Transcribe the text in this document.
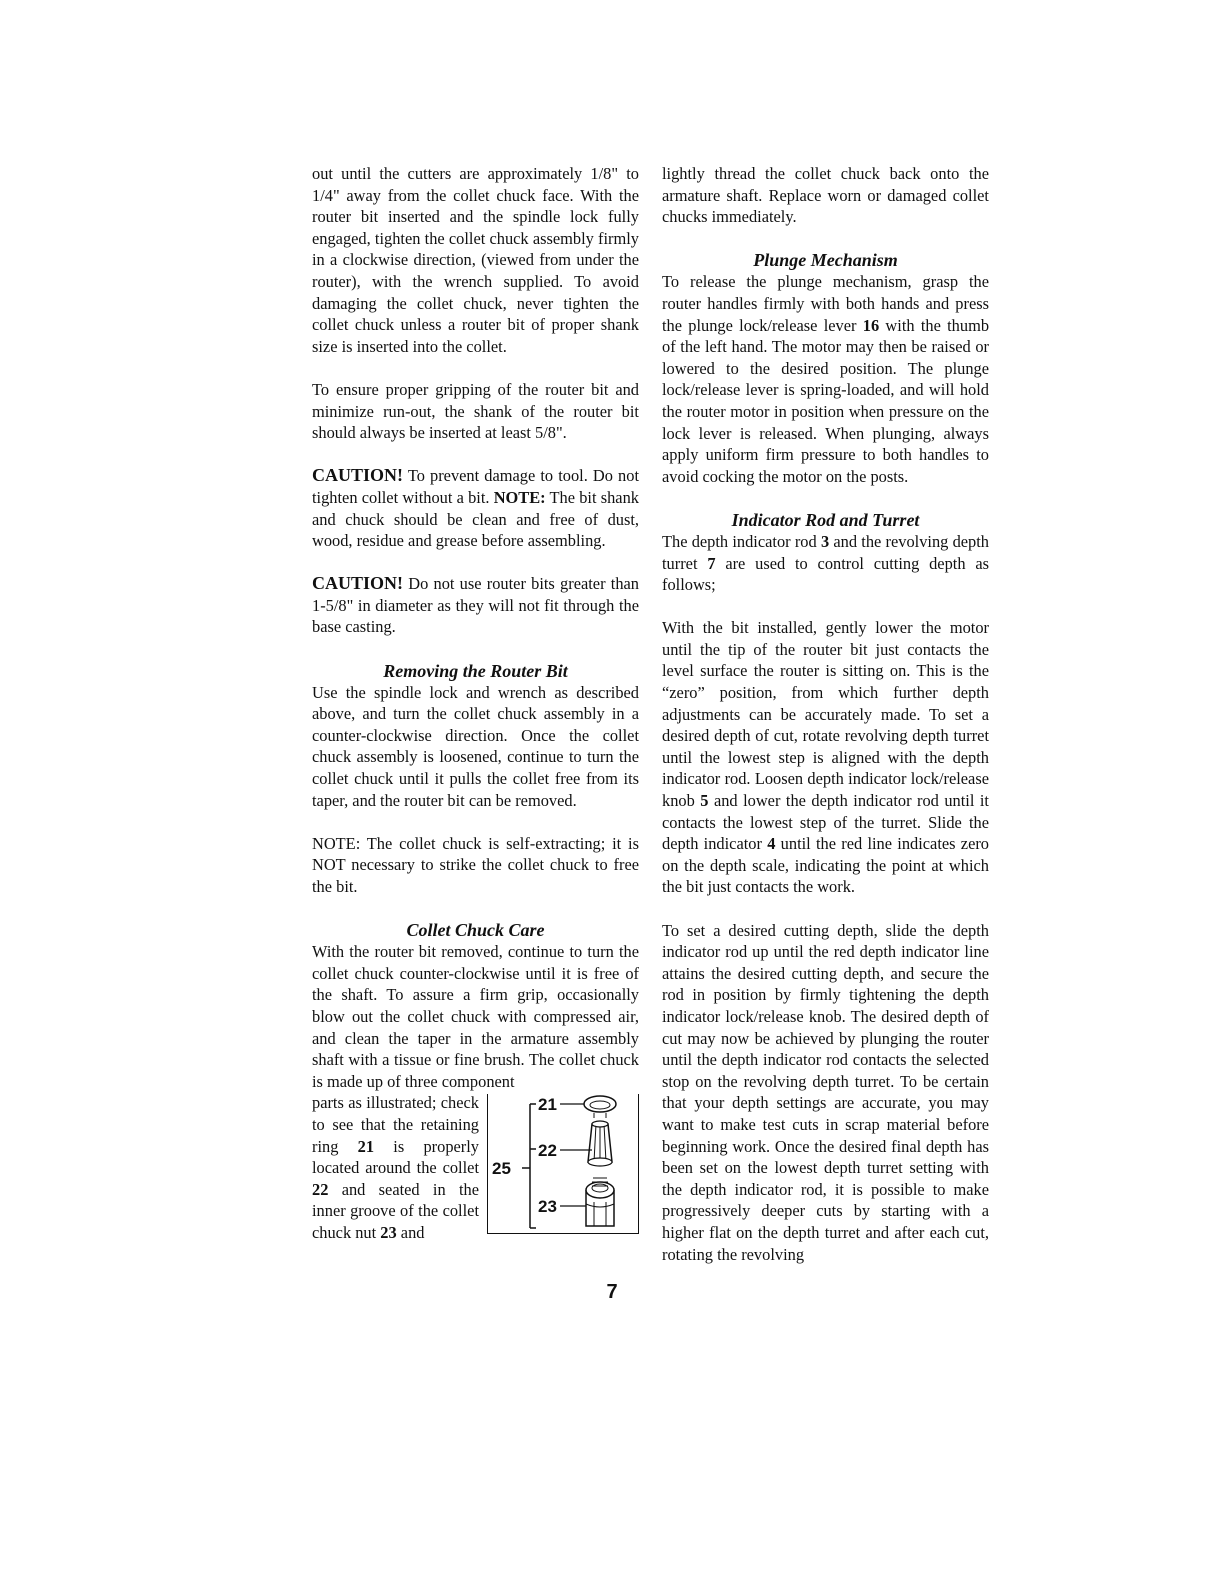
out until the cutters are approximately 1/8" to 1/4" away from the collet chuck face. With the router bit inserted and the spindle lock fully engaged, tighten the collet chuck assembly firmly in a clockwise direction, (viewed from under the router), with the wrench supplied. To avoid damaging the collet chuck, never tighten the collet chuck unless a router bit of proper shank size is inserted into the collet.

To ensure proper gripping of the router bit and minimize run-out, the shank of the router bit should always be inserted at least 5/8".

CAUTION! To prevent damage to tool. Do not tighten collet without a bit. NOTE: The bit shank and chuck should be clean and free of dust, wood, residue and grease before assembling.

CAUTION! Do not use router bits greater than 1-5/8" in diameter as they will not fit through the base casting.

Removing the Router Bit

Use the spindle lock and wrench as described above, and turn the collet chuck assembly in a counter-clockwise direction. Once the collet chuck assembly is loosened, continue to turn the collet chuck until it pulls the collet free from its taper, and the router bit can be removed.

NOTE: The collet chuck is self-extracting; it is NOT necessary to strike the collet chuck to free the bit.

Collet Chuck Care

With the router bit removed, continue to turn the collet chuck counter-clockwise until it is free of the shaft. To assure a firm grip, occasionally blow out the collet chuck with compressed air, and clean the taper in the armature assembly shaft with a tissue or fine brush. The collet chuck is made up of three component

25
21
22
23

parts as illustrated; check to see that the retaining ring 21 is properly located around the collet 22 and seated in the inner groove of the collet chuck nut 23 and

lightly thread the collet chuck back onto the armature shaft. Replace worn or damaged collet chucks immediately.

Plunge Mechanism

To release the plunge mechanism, grasp the router handles firmly with both hands and press the plunge lock/release lever 16 with the thumb of the left hand. The motor may then be raised or lowered to the desired position. The plunge lock/release lever is spring-loaded, and will hold the router motor in position when pressure on the lock lever is released. When plunging, always apply uniform firm pressure to both handles to avoid cocking the motor on the posts.

Indicator Rod and Turret

The depth indicator rod 3 and the revolving depth turret 7 are used to control cutting depth as follows;

With the bit installed, gently lower the motor until the tip of the router bit just contacts the level surface the router is sitting on. This is the “zero” position, from which further depth adjustments can be accurately made. To set a desired depth of cut, rotate revolving depth turret until the lowest step is aligned with the depth indicator rod. Loosen depth indicator lock/release knob 5 and lower the depth indicator rod until it contacts the lowest step of the turret. Slide the depth indicator 4 until the red line indicates zero on the depth scale, indicating the point at which the bit just contacts the work.

To set a desired cutting depth, slide the depth indicator rod up until the red depth indicator line attains the desired cutting depth, and secure the rod in position by firmly tightening the depth indicator lock/release knob. The desired depth of cut may now be achieved by plunging the router until the depth indicator rod contacts the selected stop on the revolving depth turret. To be certain that your depth settings are accurate, you may want to make test cuts in scrap material before beginning work. Once the desired final depth has been set on the lowest depth turret setting with the depth indicator rod, it is possible to make progressively deeper cuts by starting with a higher flat on the depth turret and after each cut, rotating the revolving

7
